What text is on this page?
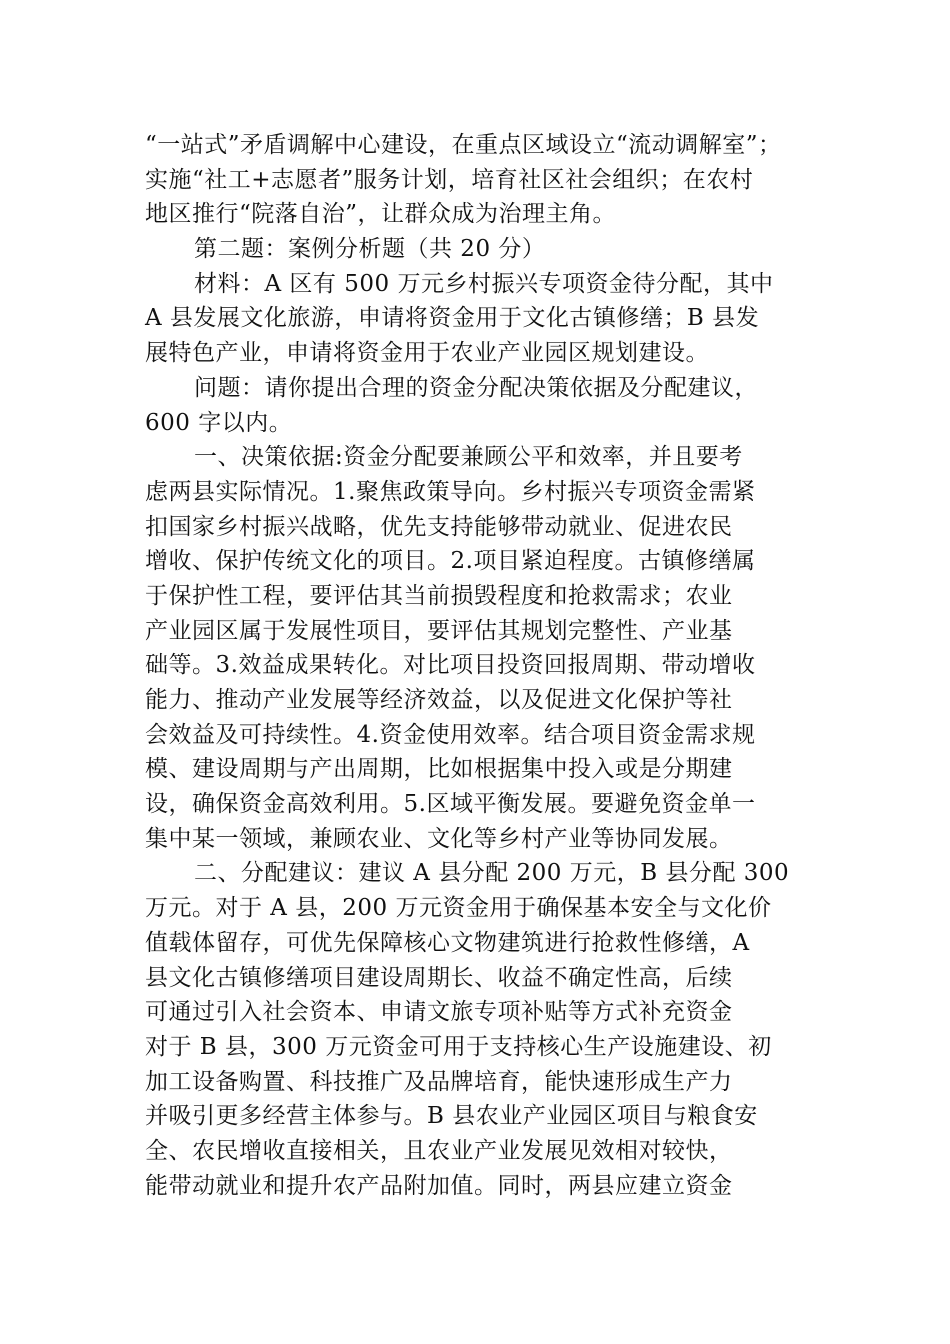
“一站式”矛盾调解中心建设，在重点区域设立“流动调解室”；
实施“社工+志愿者”服务计划，培育社区社会组织；在农村
地区推行“院落自治”，让群众成为治理主角。
第二题：案例分析题（共 20 分）
材料：A 区有 500 万元乡村振兴专项资金待分配，其中
A 县发展文化旅游，申请将资金用于文化古镇修缮；B 县发
展特色产业，申请将资金用于农业产业园区规划建设。
问题：请你提出合理的资金分配决策依据及分配建议，
600 字以内。
一、决策依据:资金分配要兼顾公平和效率，并且要考
虑两县实际情况。1.聚焦政策导向。乡村振兴专项资金需紧
扣国家乡村振兴战略，优先支持能够带动就业、促进农民
增收、保护传统文化的项目。2.项目紧迫程度。古镇修缮属
于保护性工程，要评估其当前损毁程度和抢救需求；农业
产业园区属于发展性项目，要评估其规划完整性、产业基
础等。3.效益成果转化。对比项目投资回报周期、带动增收
能力、推动产业发展等经济效益，以及促进文化保护等社
会效益及可持续性。4.资金使用效率。结合项目资金需求规
模、建设周期与产出周期，比如根据集中投入或是分期建
设，确保资金高效利用。5.区域平衡发展。要避免资金单一
集中某一领域，兼顾农业、文化等乡村产业等协同发展。
二、分配建议：建议 A 县分配 200 万元，B 县分配 300
万元。对于 A 县，200 万元资金用于确保基本安全与文化价
值载体留存，可优先保障核心文物建筑进行抢救性修缮，A
县文化古镇修缮项目建设周期长、收益不确定性高，后续
可通过引入社会资本、申请文旅专项补贴等方式补充资金
对于 B 县，300 万元资金可用于支持核心生产设施建设、初
加工设备购置、科技推广及品牌培育，能快速形成生产力
并吸引更多经营主体参与。B 县农业产业园区项目与粮食安
全、农民增收直接相关，且农业产业发展见效相对较快，
能带动就业和提升农产品附加值。同时，两县应建立资金
